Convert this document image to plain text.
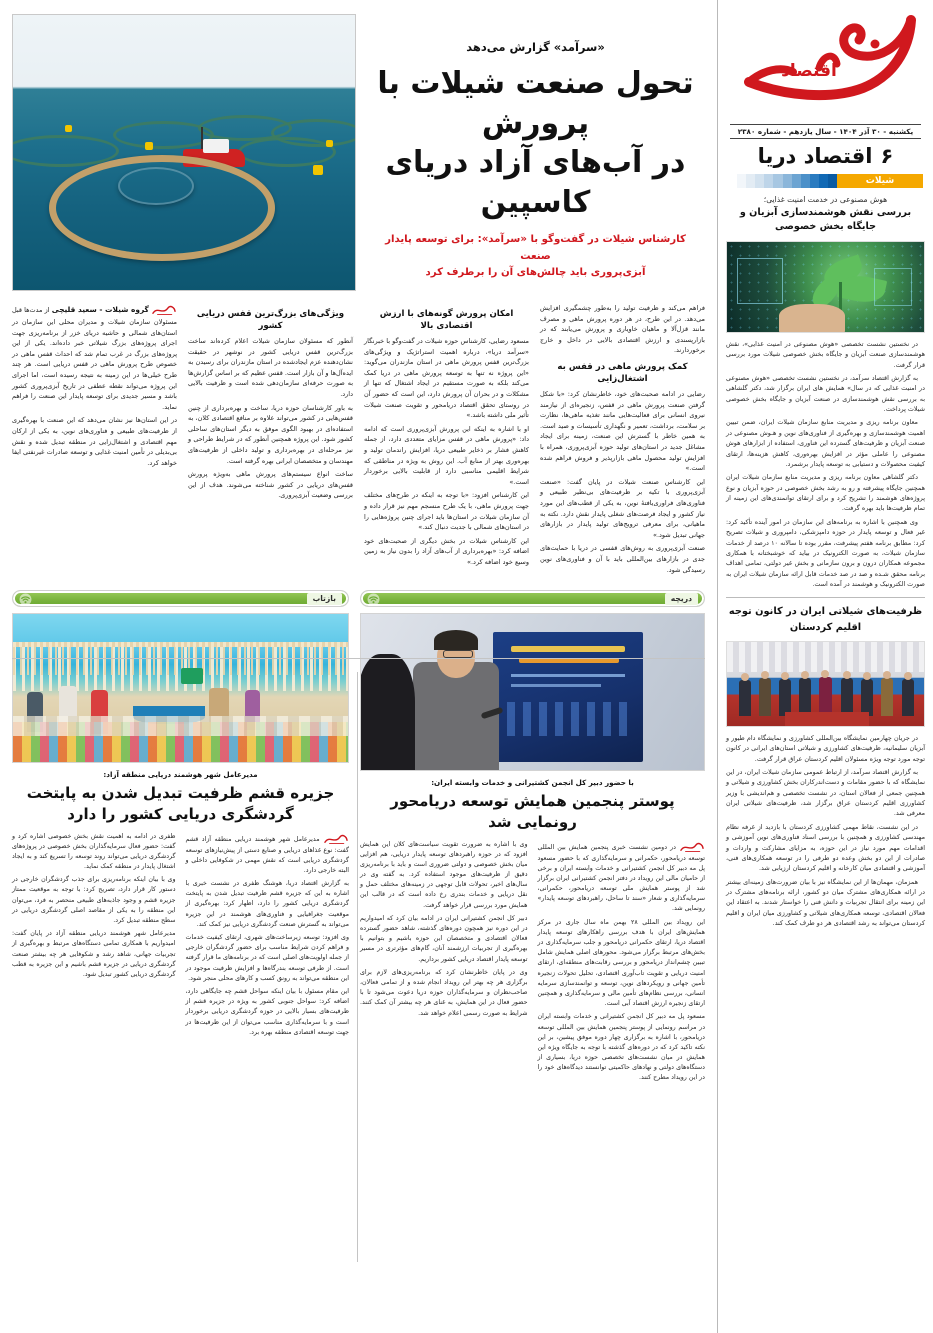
«سرآمد» گزارش می‌دهد
تحول صنعت شیلات با پرورش
در آب‌های آزاد دریای کاسپین
کارشناس شیلات در گفت‌وگو با «سرآمد»: برای توسعه پایدار صنعت
آبزی‌پروری باید چالش‌های آن را برطرف کرد

فراهم می‌کند و ظرفیت تولید را به‌طور چشمگیری افزایش می‌دهد. در این طرح، در هر دوره پرورش ماهی و مصرف مانند قزل‌آلا و ماهیان خاویاری و پرورش می‌یابند که در بازارپسندی و ارزش اقتصادی بالایی در داخل و خارج برخوردارند.

کمک پرورش ماهی در قفس به اشتغال‌زایی

رضایی در ادامه صحبت‌های خود، خاطرنشان کرد: «با شکل گرفتن صنعت پرورش ماهی در قفس، زنجیره‌ای از نیازمند نیروی انسانی برای فعالیت‌هایی مانند تغذیه ماهی‌ها، نظارت بر سلامت، برداشت، تعمیر و نگهداری تأسیسات و صید است. به همین خاطر با گسترش این صنعت، زمینه برای ایجاد مشاغل جدید در استان‌های تولید حوزه آبزی‌پروری، همراه با افزایش تولید محصول ماهی بازارپذیر و فروش فراهم شده است.»

این کارشناس صنعت شیلات در پایان گفت: «صنعت آبزی‌پروری با تکیه بر ظرفیت‌های بی‌نظیر طبیعی و فناوری‌های فراوری‌یافتهٔ نوین، به یکی از قطب‌های این مورد نیاز کشور و ایجاد فرصت‌های شغلی پایدار نقش دارد. نکته به ماهیانی، برای معرفی ترویج‌های تولید پایدار در بازارهای جهانی تبدیل شود.»

صنعت آبزی‌پروری به روش‌های قفسی در دریا با حمایت‌های جدی در بازارهای بین‌المللی باید با آن و فناوری‌های نوین رسیدگی شود.

امکان پرورش گونه‌های با ارزش اقتصادی بالا

مسعود رضایی، کارشناس حوزه شیلات در گفت‌وگو با خبرنگار «سرآمد دریا»، درباره اهمیت استراتژیک و ویژگی‌های بزرگ‌ترین قفس پرورش ماهی در استان مازندران می‌گوید: «این پروژه نه تنها به توسعه پرورش ماهی در دریا کمک می‌کند بلکه به صورت مستقیم در ایجاد اشتغال که تنها از مشکلات و در بحران آن پرورش دارد، این است که حضور آن در روستای تحقق اقتصاد دریامحور و تقویت صنعت شیلات تأثیر ملی داشته باشد.»

او با اشاره به اینکه این پرورش آبزی‌پروری است که ادامه داد: «پرورش ماهی در قفس مزایای متعددی دارد، از جمله کاهش فشار بر ذخایر طبیعی دریا، افزایش راندمان تولید و بهره‌وری بهتر از منابع آب. این روش به ویژه در مناطقی که شرایط اقلیمی مناسبی دارد از قابلیت بالایی برخوردار است.»

این کارشناس افزود: «با توجه به اینکه در طرح‌های مختلف جهت پرورش ماهی، با یک طرح منسجم مهم نیز قرار داده و آن سازمان شیلات در استان‌ها باید اجرای چنین پروژه‌هایی را در استان‌های شمالی با جدیت دنبال کند.»

این کارشناس شیلات در بخش دیگری از صحبت‌های خود اضافه کرد: «بهره‌برداری از آب‌های آزاد را بدون نیاز به زمین وسیع خود اضافه کرد.»

ویژگی‌های بزرگ‌ترین قفس دریایی کشور

آنطور که مسئولان سازمان شیلات اعلام کرده‌اند ساخت بزرگ‌ترین قفس دریایی کشور در نوشهر در حقیقت نشان‌دهنده عزم ایجادشده در استان مازندران برای رسیدن به ایده‌آل‌ها و آن بازار است. قفس عظیم که بر اساس گزارش‌ها به صورت حرفه‌ای سازمان‌دهی شده است و ظرفیت بالایی دارد.

به باور کارشناسان حوزه دریا، ساخت و بهره‌برداری از چنین قفس‌هایی در کشور می‌تواند علاوه بر منافع اقتصادی کلان، به استفاده‌ای در بهبود الگوی موفق به دیگر استان‌های ساحلی کشور شود. این پروژه همچنین آنطور که در شرایط طراحی و نیز مرحله‌ای در بهره‌برداری و تولید داخلی از ظرفیت‌های مهندسان و متخصصان ایرانی بهره گرفته است.

ساخت انواع سیستم‌های پرورش ماهی به‌ویژه پرورش‌ قفس‌های دریایی در کشور شناخته می‌شوند. هدف از این بررسی وضعیت آبزی‌پروری.

گروه شیلات - سعید قلیچی از مدت‌ها قبل مسئولان سازمان شیلات و مدیران محلی این سازمان در استان‌های شمالی و حاشیه دریای خزر از برنامه‌ریزی جهت اجرای پروژه‌های بزرگ شیلاتی خبر داده‌اند. یکی از این پروژه‌های بزرگ در غرب تمام شد که احداث قفس ماهی در خصوص طرح پرورش ماهی در قفس دریایی است. هر چند طرح خیلی‌ها در این زمینه به نتیجه رسیده است، اما اجرای این پروژه می‌تواند نقطه عطفی در تاریخ آبزی‌پروری کشور باشد و مسیر جدیدی برای توسعه پایدار این صنعت را فراهم نماید.

در این استان‌ها نیز نشان می‌دهد که این صنعت با بهره‌گیری از ظرفیت‌های طبیعی و فناوری‌های نوین، به یکی از ارکان مهم اقتصادی و اشتغال‌زایی در منطقه تبدیل شده و نقش بی‌بدیلی در تأمین امنیت غذایی و توسعه صادرات غیرنفتی ایفا خواهد کرد.

دریچه
با حضور دبیر کل انجمن کشتیرانی و خدمات وابسته ایران:
پوستر پنجمین همایش توسعه دریامحور رونمایی شد

در دومین نشست خبری پنجمین همایش بین المللی توسعه دریامحور، حکمرانی و سرمایه‌گذاری که با حضور مسعود پل مه دبیر کل انجمن کشتیرانی و خدمات وابسته ایران و برخی از حامیان مالی این رویداد در دفتر انجمن کشتیرانی ایران برگزار شد از پوستر همایش ملی توسعه دریامحور، حکمرانی، سرمایه‌گذاری و شعار «سند تا ساحل، راهبردهای توسعه پایدار» رونمایی شد.

این رویداد بین المللی ۲۸ بهمن ماه سال جاری در مرکز همایش‌های ایران با هدف بررسی راهکارهای توسعه پایدار اقتصاد دریا، ارتقای حکمرانی دریامحور و جلب سرمایه‌گذاری در بخش‌های مرتبط برگزار می‌شود. محورهای اصلی همایش شامل تبیین چشم‌انداز دریامحور و بررسی رقابت‌های منطقه‌ای، ارتقای امنیت دریایی و تقویت تاب‌آوری اقتصادی، تحلیل تحولات زنجیره تأمین جهانی و رویکردهای نوین، توسعه و توانمندسازی سرمایه انسانی، بررسی نظام‌های تأمین مالی و سرمایه‌گذاری و همچنین ارتقای زنجیره ارزش اقتصاد آبی است.

مسعود پل مه دبیر کل انجمن کشتیرانی و خدمات وابسته ایران در مراسم رونمایی از پوستر پنجمین همایش بین المللی توسعه دریامحور، با اشاره به برگزاری چهار دوره موفق پیشین، بر این نکته تاکید کرد که در دوره‌های گذشته با توجه به جایگاه ویژه این همایش در میان نشست‌های تخصصی حوزه دریا، بسیاری از دستگاه‌های دولتی و نهادهای حاکمیتی توانستند دیدگاه‌های خود را در این رویداد مطرح کنند.

وی با اشاره به ضرورت تقویت سیاست‌های کلان این همایش افزود که در حوزه راهبردهای توسعه پایدار دریایی، هم افزایی میان بخش خصوصی و دولتی ضروری است و باید با برنامه‌ریزی دقیق از ظرفیت‌های موجود استفاده کرد. به گفته وی در سال‌های اخیر، تحولات قابل توجهی در زمینه‌های مختلف حمل و نقل دریایی و خدمات بندری رخ داده است که در قالب این همایش مورد بررسی قرار خواهد گرفت.

دبیر کل انجمن کشتیرانی ایران در ادامه بیان کرد که امیدواریم در این دوره نیز همچون دوره‌های گذشته، شاهد حضور گسترده فعالان اقتصادی و متخصصان این حوزه باشیم و بتوانیم با بهره‌گیری از تجربیات ارزشمند آنان، گام‌های مؤثرتری در مسیر توسعه پایدار اقتصاد دریایی کشور برداریم.

وی در پایان خاطرنشان کرد که برنامه‌ریزی‌های لازم برای برگزاری هر چه بهتر این رویداد انجام شده و از تمامی فعالان، صاحب‌نظران و سرمایه‌گذاران حوزه دریا دعوت می‌شود تا با حضور فعال در این همایش، به غنای هر چه بیشتر آن کمک کنند. شرایط به صورت رسمی اعلام خواهد شد.

بازتاب
مدیرعامل شهر هوشمند دریایی منطقه آزاد:
جزیره قشم ظرفیت تبدیل شدن به پایتخت گردشگری دریایی کشور را دارد

مدیرعامل شهر هوشمند دریایی منطقه آزاد قشم گفت: نوع غذاهای دریایی و صنایع دستی از پیش‌نیازهای توسعه گردشگری دریایی است که نقش مهمی در شکوفایی داخلی و البته خارجی دارد.

به گزارش اقتصاد دریا، هوشنگ ظفری در نشست خبری با اشاره به این که جزیره قشم ظرفیت تبدیل شدن به پایتخت گردشگری دریایی کشور را دارد، اظهار کرد: بهره‌گیری از موقعیت جغرافیایی و فناوری‌های هوشمند در این جزیره می‌تواند به گسترش صنعت گردشگری دریایی نیز کمک کند.

وی افزود: توسعه زیرساخت‌های شهری، ارتقای کیفیت خدمات و فراهم کردن شرایط مناسب برای حضور گردشگران خارجی از جمله اولویت‌های اصلی است که در برنامه‌های ما قرار گرفته است. از طرفی توسعه بندرگاه‌ها و افزایش ظرفیت موجود در این منطقه می‌تواند به رونق کسب و کارهای محلی منجر شود.

این مقام مسئول با بیان اینکه سواحل قشم چه جایگاهی دارد، اضافه کرد: سواحل جنوبی کشور به ویژه در جزیره قشم از ظرفیت‌های بسیار بالایی در حوزه گردشگری دریایی برخوردار است و با سرمایه‌گذاری مناسب می‌توان از این ظرفیت‌ها در جهت توسعه اقتصادی منطقه بهره برد.

ظفری در ادامه به اهمیت نقش بخش خصوصی اشاره کرد و گفت: حضور فعال سرمایه‌گذاران بخش خصوصی در پروژه‌های گردشگری دریایی می‌تواند روند توسعه را تسریع کند و به ایجاد اشتغال پایدار در منطقه کمک نماید.

وی با بیان اینکه برنامه‌ریزی برای جذب گردشگران خارجی در دستور کار قرار دارد، تصریح کرد: با توجه به موقعیت ممتاز جزیره قشم و وجود جاذبه‌های طبیعی منحصر به فرد، می‌توان این منطقه را به یکی از مقاصد اصلی گردشگری دریایی در سطح منطقه تبدیل کرد.

مدیرعامل شهر هوشمند دریایی منطقه آزاد در پایان گفت: امیدواریم با همکاری تمامی دستگاه‌های مرتبط و بهره‌گیری از تجربیات جهانی، شاهد رشد و شکوفایی هر چه بیشتر صنعت گردشگری دریایی در جزیره قشم باشیم و این جزیره به قطب گردشگری دریایی کشور تبدیل شود.

اقتصاد
یکشنبه - ۳۰ آذر ۱۴۰۴ - سال یازدهم - شماره ۲۳۸۰
۶
اقتصاد دریا
شیلات
هوش مصنوعی در خدمت امنیت غذایی؛
بررسی نقش هوشمندسازی آبزیان و جایگاه بخش خصوصی

در نخستین نشست تخصصی «هوش مصنوعی در امنیت غذایی»، نقش هوشمندسازی صنعت آبزیان و جایگاه بخش خصوصی شیلات مورد بررسی قرار گرفت.

به گزارش اقتصاد سرآمد، در نخستین نشست تخصصی «هوش مصنوعی در امنیت غذایی که در سال» همایش های ایران برگزار شد، دکتر گلشاهی به بررسی نقش هوشمندسازی در صنعت آبزیان و جایگاه بخش خصوصی شیلات پرداخت.

معاون برنامه ریزی و مدیریت منابع سازمان شیلات ایران، ضمن تبیین اهمیت هوشمندسازی و بهره‌گیری از فناوری‌های نوین و هـوش مصنوعی در صنعت آبزیان و ظرفیت‌های گسترده این فناوری، استفاده از ابزارهای هوش مصنوعی را عاملی مؤثر در افزایش بهره‌وری، کاهش هزینه‌ها، ارتقای کیفیت محصولات و دستیابی به توسعه پایدار برشمرد.

دکتر گلشاهی معاون برنامه ریزی و مدیریت منابع سازمان شیلات ایران همچنین جایگاه پیشرفته و رو به رشد بخش خصوصی در حوزه آبزیان و نوع پروژه‌های هوشمند را تشریح کرد و برای ارتقای توانمندی‌های این زمینه از تمام ظرفیت‌ها باید بهره گرفت.

وی همچنین با اشاره به برنامه‌های این سازمان در امور آینده تأکید کرد: غیر فعال و توسعه پایدار در حوزه دامپزشکی، دامپروری و شیلات تصریح کرد: مطابق برنامه هفتم پیشرفت، مقرر بوده تا سالانه ۱۰ درصد از خدمات سازمان شیلات، به صورت الکترونیک در بیاید که خوشبختانه با همکاری مجموعه همکاران درون و برون سازمانی و بخش غیر دولتی، تمامی اهداف برنامه محقق شـده و صد در صد خدمات قابل ارائه سازمان شیلات ایران به صورت الکترونیک و هوشمند در آمده است.

ظرفیت‌های شیلاتی ایران در کانون توجه اقلیم کردستان

در جریان چهارمین نمایشگاه بین‌المللی کشاورزی و نمایشگاه دام طیور و آبزیان سلیمانیه، ظرفیت‌های کشاورزی و شیلاتی استان‌های ایرانی در کانون توجه مورد توجه ویژه مسئولان اقلیم کردستان عراق قرار گرفت.

به گزارش اقتصاد سرآمد، از ارتباط عمومی سازمان شیلات ایران، در این نمایشگاه که با حضور مقامات و دست‌اندرکاران بخش کشاورزی و شیلاتی و همچنین جمعی از فعالان استان، در نشست تخصصی و هم‌اندیشی با وزیر کشاورزی اقلیم کردستان عراق برگزار شد، ظرفیت‌های شیلاتی ایران معرفی شد.

در این نشست، نقاط مهمی کشاورزی کردستان با بازدید از غرفه نظام مهندسی کشاورزی و همچنین با بررسی اسناد فناوری‌های نوین آموزشی و اقدامات مهم مورد نیاز در این حوزه، به مزایای مشارکت و واردات و صادرات از این دو بخش وعده دو طرفی را در توسعه همکاری‌های فنی، آموزشی و اقتصادی میان کارخانه و اقلیم کردستان ارزیابی شد.

همزمان، مهمان‌ها از این نمایشگاه نیز با بیان ضرورت‌های زمینه‌ای بیشتر در ارائه همکاری‌های مشترک میان دو کشور، ارائه برنامه‌های مشترک در این زمینه برای انتقال تجربیات و دانش فنی را خواستار شدند. به اعتقاد این فعالان اقتصادی، توسعه همکاری‌های شیلاتی و کشاورزی میان ایران و اقلیم کردستان می‌تواند به رشد اقتصادی هر دو طرف کمک کند.
